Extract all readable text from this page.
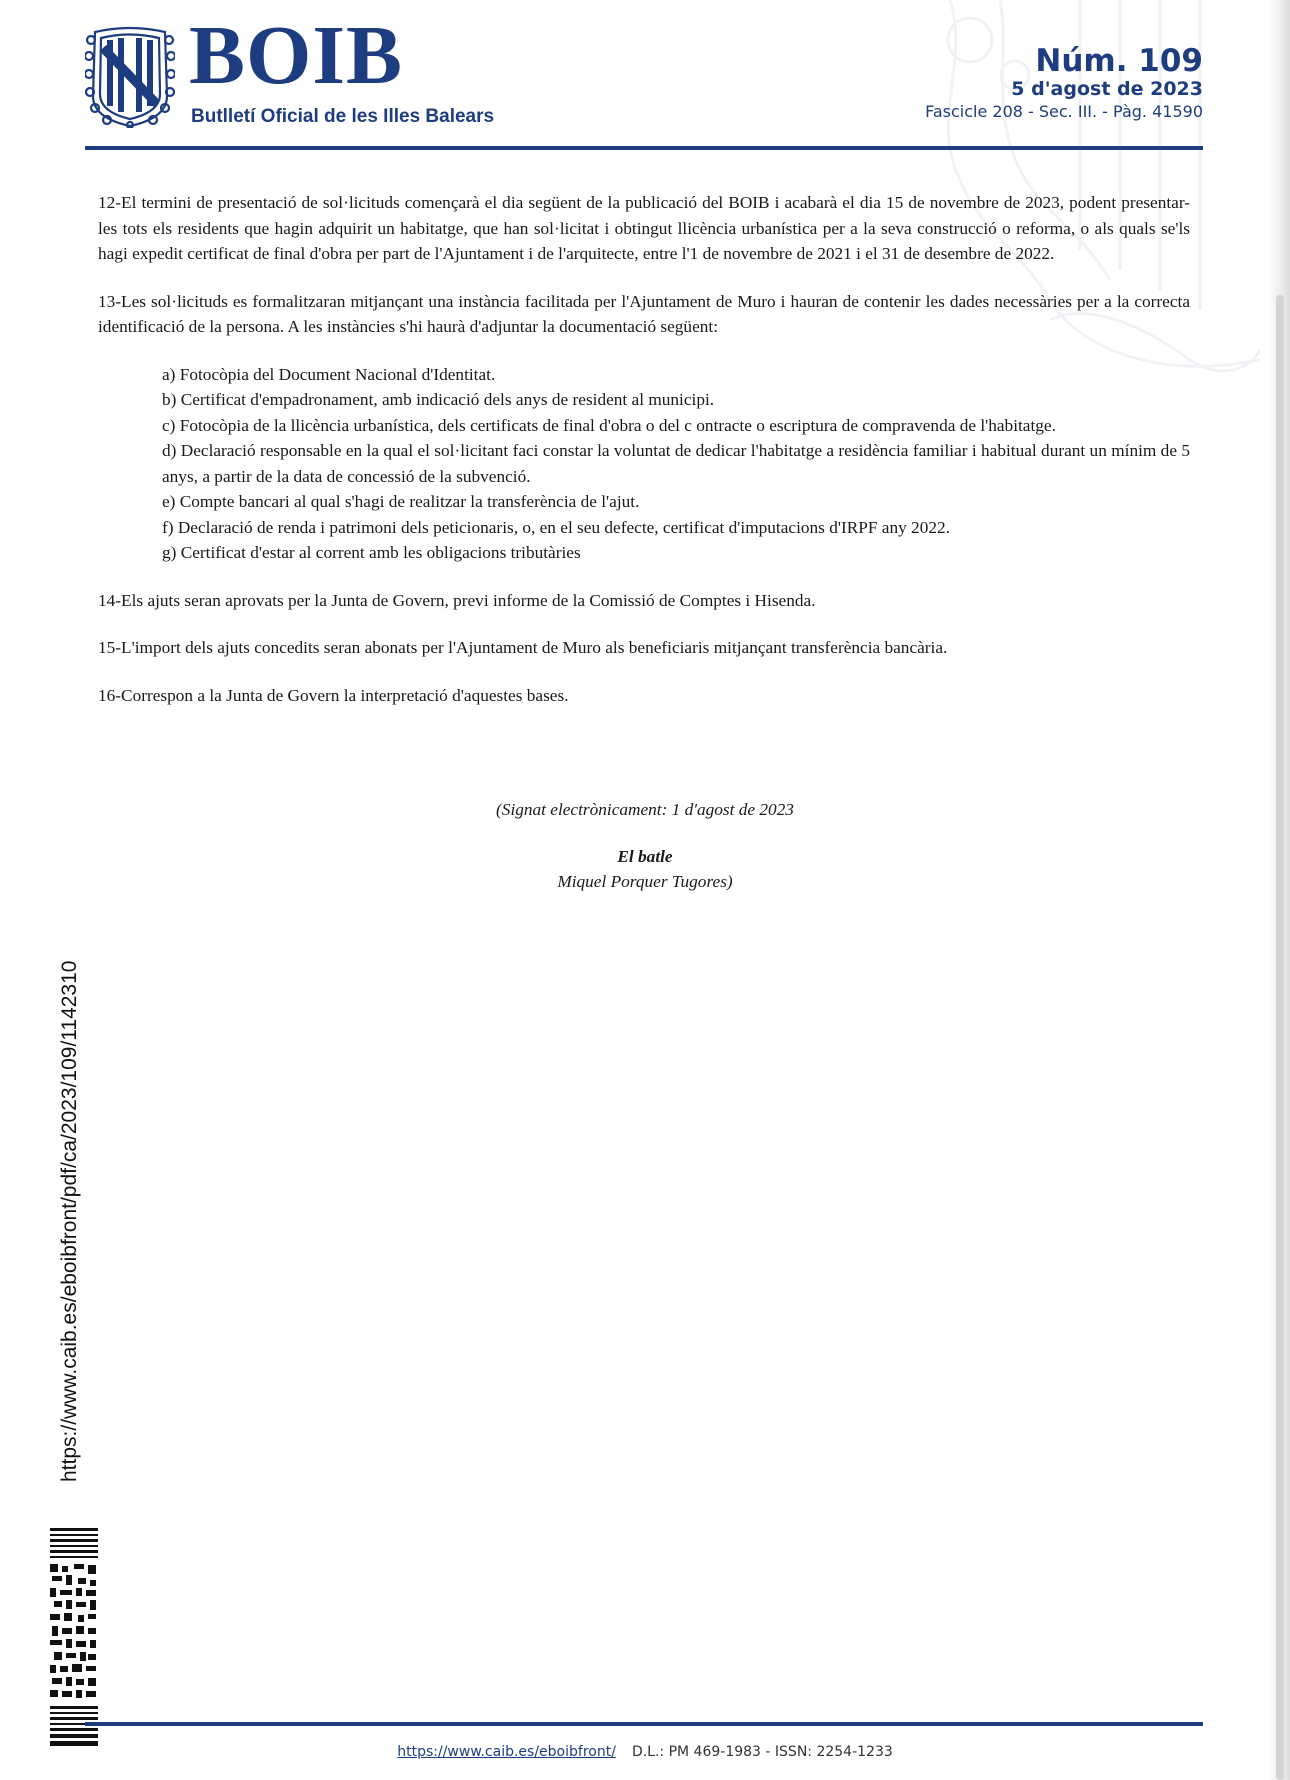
BOIB
Butlletí Oficial de les Illes Balears
Núm. 109
5 d'agost de 2023
Fascicle 208 - Sec. III. - Pàg. 41590

12-El termini de presentació de sol·licituds començarà el dia següent de la publicació del BOIB i acabarà el dia 15 de novembre de 2023, podent presentar-les tots els residents que hagin adquirit un habitatge, que han sol·licitat i obtingut llicència urbanística per a la seva construcció o reforma, o als quals se'ls hagi expedit certificat de final d'obra per part de l'Ajuntament i de l'arquitecte, entre l'1 de novembre de 2021 i el 31 de desembre de 2022.

13-Les sol·licituds es formalitzaran mitjançant una instància facilitada per l'Ajuntament de Muro i hauran de contenir les dades necessàries per a la correcta identificació de la persona. A les instàncies s'hi haurà d'adjuntar la documentació següent:

a) Fotocòpia del Document Nacional d'Identitat.
b) Certificat d'empadronament, amb indicació dels anys de resident al municipi.
c) Fotocòpia de la llicència urbanística, dels certificats de final d'obra o del c ontracte o escriptura de compravenda de l'habitatge.
d) Declaració responsable en la qual el sol·licitant faci constar la voluntat de dedicar l'habitatge a residència familiar i habitual durant un mínim de 5 anys, a partir de la data de concessió de la subvenció.
e) Compte bancari al qual s'hagi de realitzar la transferència de l'ajut.
f) Declaració de renda i patrimoni dels peticionaris, o, en el seu defecte, certificat d'imputacions d'IRPF any 2022.
g) Certificat d'estar al corrent amb les obligacions tributàries

14-Els ajuts seran aprovats per la Junta de Govern, previ informe de la Comissió de Comptes i Hisenda.

15-L'import dels ajuts concedits seran abonats per l'Ajuntament de Muro als beneficiaris mitjançant transferència bancària.

16-Correspon a la Junta de Govern la interpretació d'aquestes bases.

(Signat electrònicament: 1 d'agost de 2023
El batle
Miquel Porquer Tugores)
https://www.caib.es/eboibfront/pdf/ca/2023/109/1142310
https://www.caib.es/eboibfront/ D.L.: PM 469-1983 - ISSN: 2254-1233
